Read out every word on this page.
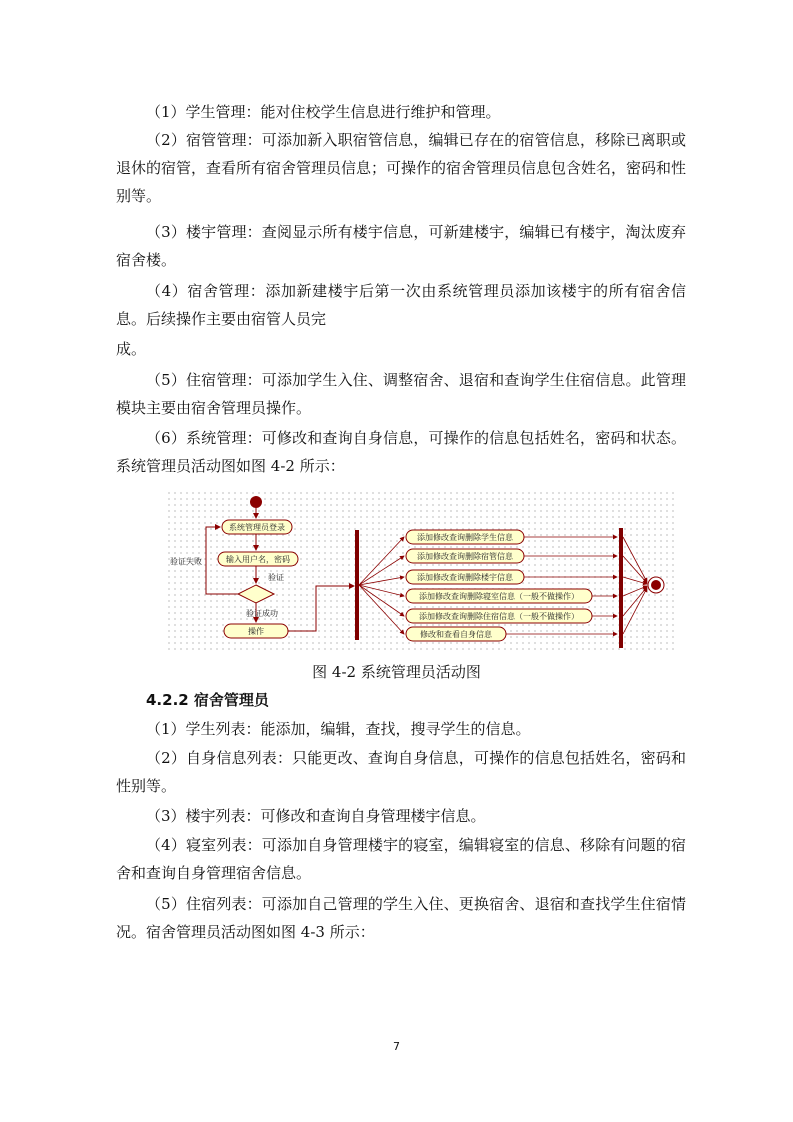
（1）学生管理：能对住校学生信息进行维护和管理。

（2）宿管管理：可添加新入职宿管信息，编辑已存在的宿管信息，移除已离职或退休的宿管，查看所有宿舍管理员信息；可操作的宿舍管理员信息包含姓名，密码和性别等。

（3）楼宇管理：查阅显示所有楼宇信息，可新建楼宇，编辑已有楼宇，淘汰废弃宿舍楼。

（4）宿舍管理：添加新建楼宇后第一次由系统管理员添加该楼宇的所有宿舍信息。后续操作主要由宿管人员完

成。

（5）住宿管理：可添加学生入住、调整宿舍、退宿和查询学生住宿信息。此管理模块主要由宿舍管理员操作。

（6）系统管理：可修改和查询自身信息，可操作的信息包括姓名，密码和状态。系统管理员活动图如图 4-2 所示：

系统管理员登录
输入用户名，密码
验证
验证失败
验证成功
操作
添加修改查询删除学生信息
添加修改查询删除宿管信息
添加修改查询删除楼宇信息
添加修改查询删除寝室信息（一般不做操作）
添加修改查询删除住宿信息（一般不做操作）
修改和查看自身信息

图 4-2 系统管理员活动图

4.2.2 宿舍管理员

（1）学生列表：能添加，编辑，查找，搜寻学生的信息。

（2）自身信息列表：只能更改、查询自身信息，可操作的信息包括姓名，密码和性别等。

（3）楼宇列表：可修改和查询自身管理楼宇信息。

（4）寝室列表：可添加自身管理楼宇的寝室，编辑寝室的信息、移除有问题的宿舍和查询自身管理宿舍信息。

（5）住宿列表：可添加自己管理的学生入住、更换宿舍、退宿和查找学生住宿情况。宿舍管理员活动图如图 4-3 所示：

7
